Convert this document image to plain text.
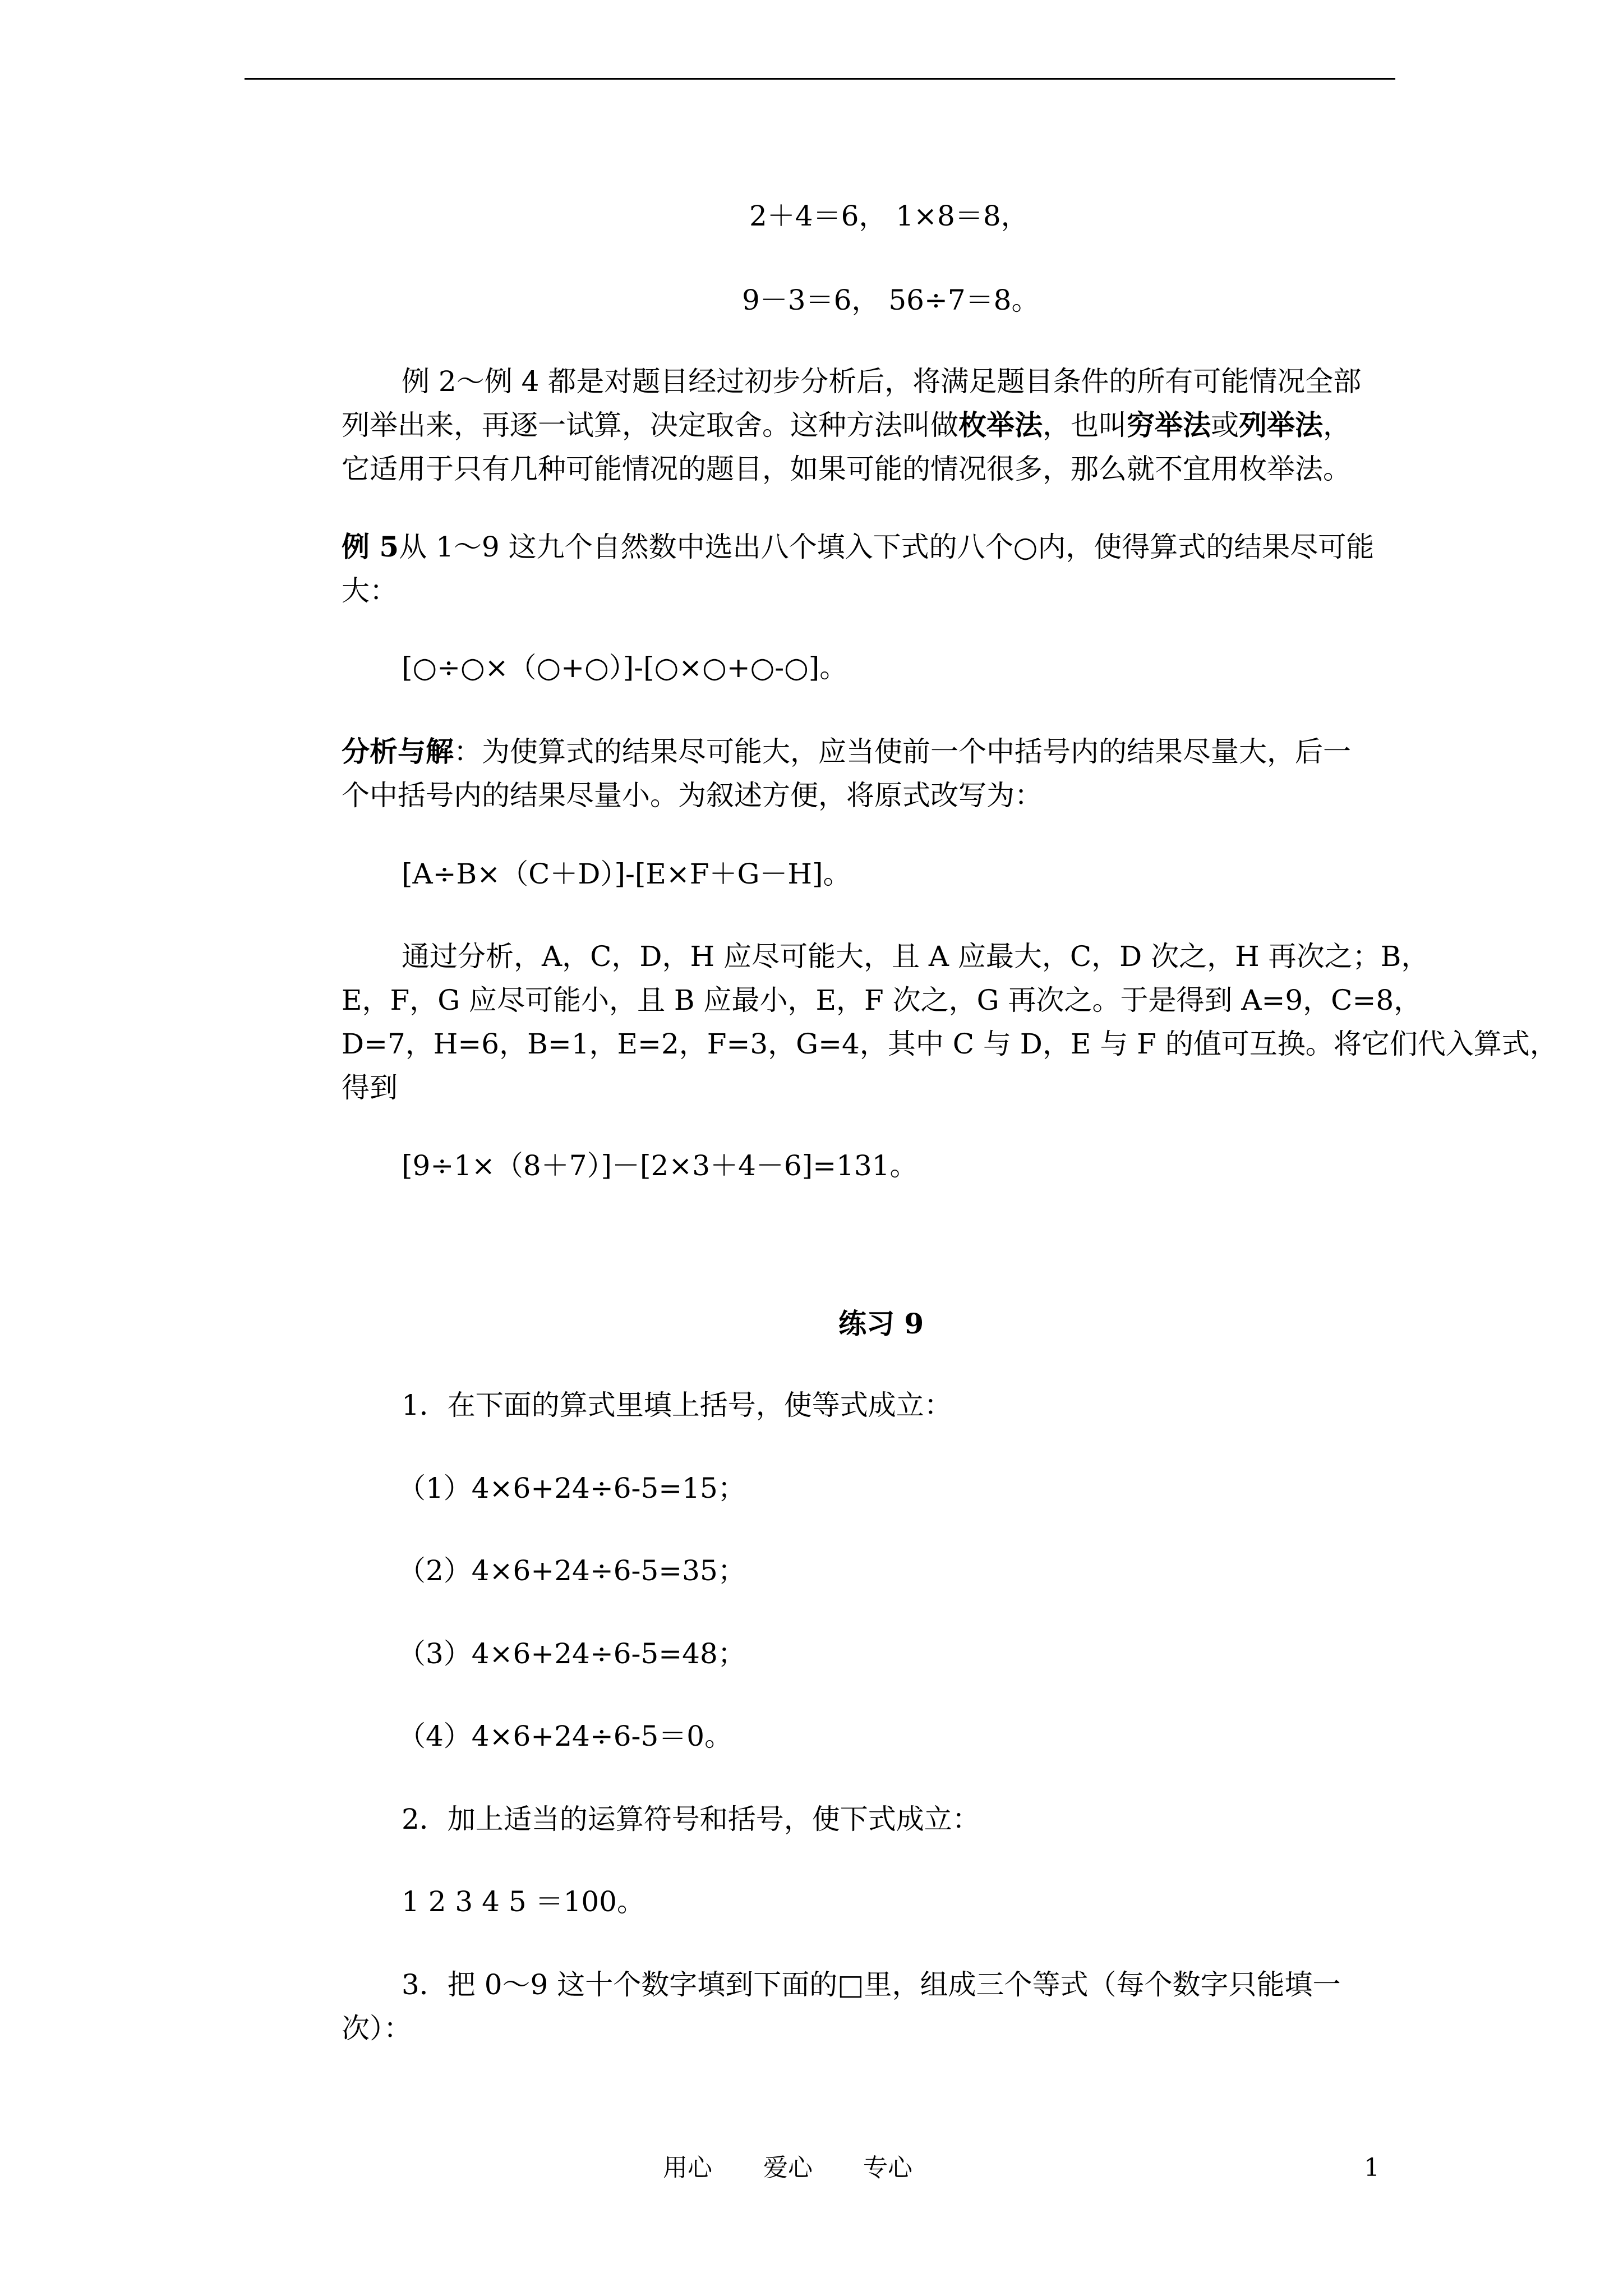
2＋4＝6， 1×8＝8，

9－3＝6， 56÷7＝8。

例 2～例 4 都是对题目经过初步分析后，将满足题目条件的所有可能情况全部

列举出来，再逐一试算，决定取舍。这种方法叫做枚举法，也叫穷举法或列举法，

它适用于只有几种可能情况的题目，如果可能的情况很多，那么就不宜用枚举法。

例 5从 1～9 这九个自然数中选出八个填入下式的八个○内，使得算式的结果尽可能

大：

[○÷○×（○+○）]-[○×○+○-○]。

分析与解：为使算式的结果尽可能大，应当使前一个中括号内的结果尽量大，后一

个中括号内的结果尽量小。为叙述方便，将原式改写为：

[A÷B×（C＋D）]-[E×F＋G－H]。

通过分析，A，C，D，H 应尽可能大，且 A 应最大，C，D 次之，H 再次之；B，

E，F，G 应尽可能小，且 B 应最小，E，F 次之，G 再次之。于是得到 A=9，C=8，

D=7，H=6，B=1，E=2，F=3，G=4，其中 C 与 D，E 与 F 的值可互换。将它们代入算式，

得到

[9÷1×（8＋7）]－[2×3＋4－6]=131。

练习 9

1．在下面的算式里填上括号，使等式成立：

（1）4×6+24÷6-5=15；

（2）4×6+24÷6-5=35；

（3）4×6+24÷6-5=48；

（4）4×6+24÷6-5＝0。

2．加上适当的运算符号和括号，使下式成立：

1 2 3 4 5 ＝100。

3．把 0～9 这十个数字填到下面的□里，组成三个等式（每个数字只能填一

次）：

用心 爱心 专心	1
